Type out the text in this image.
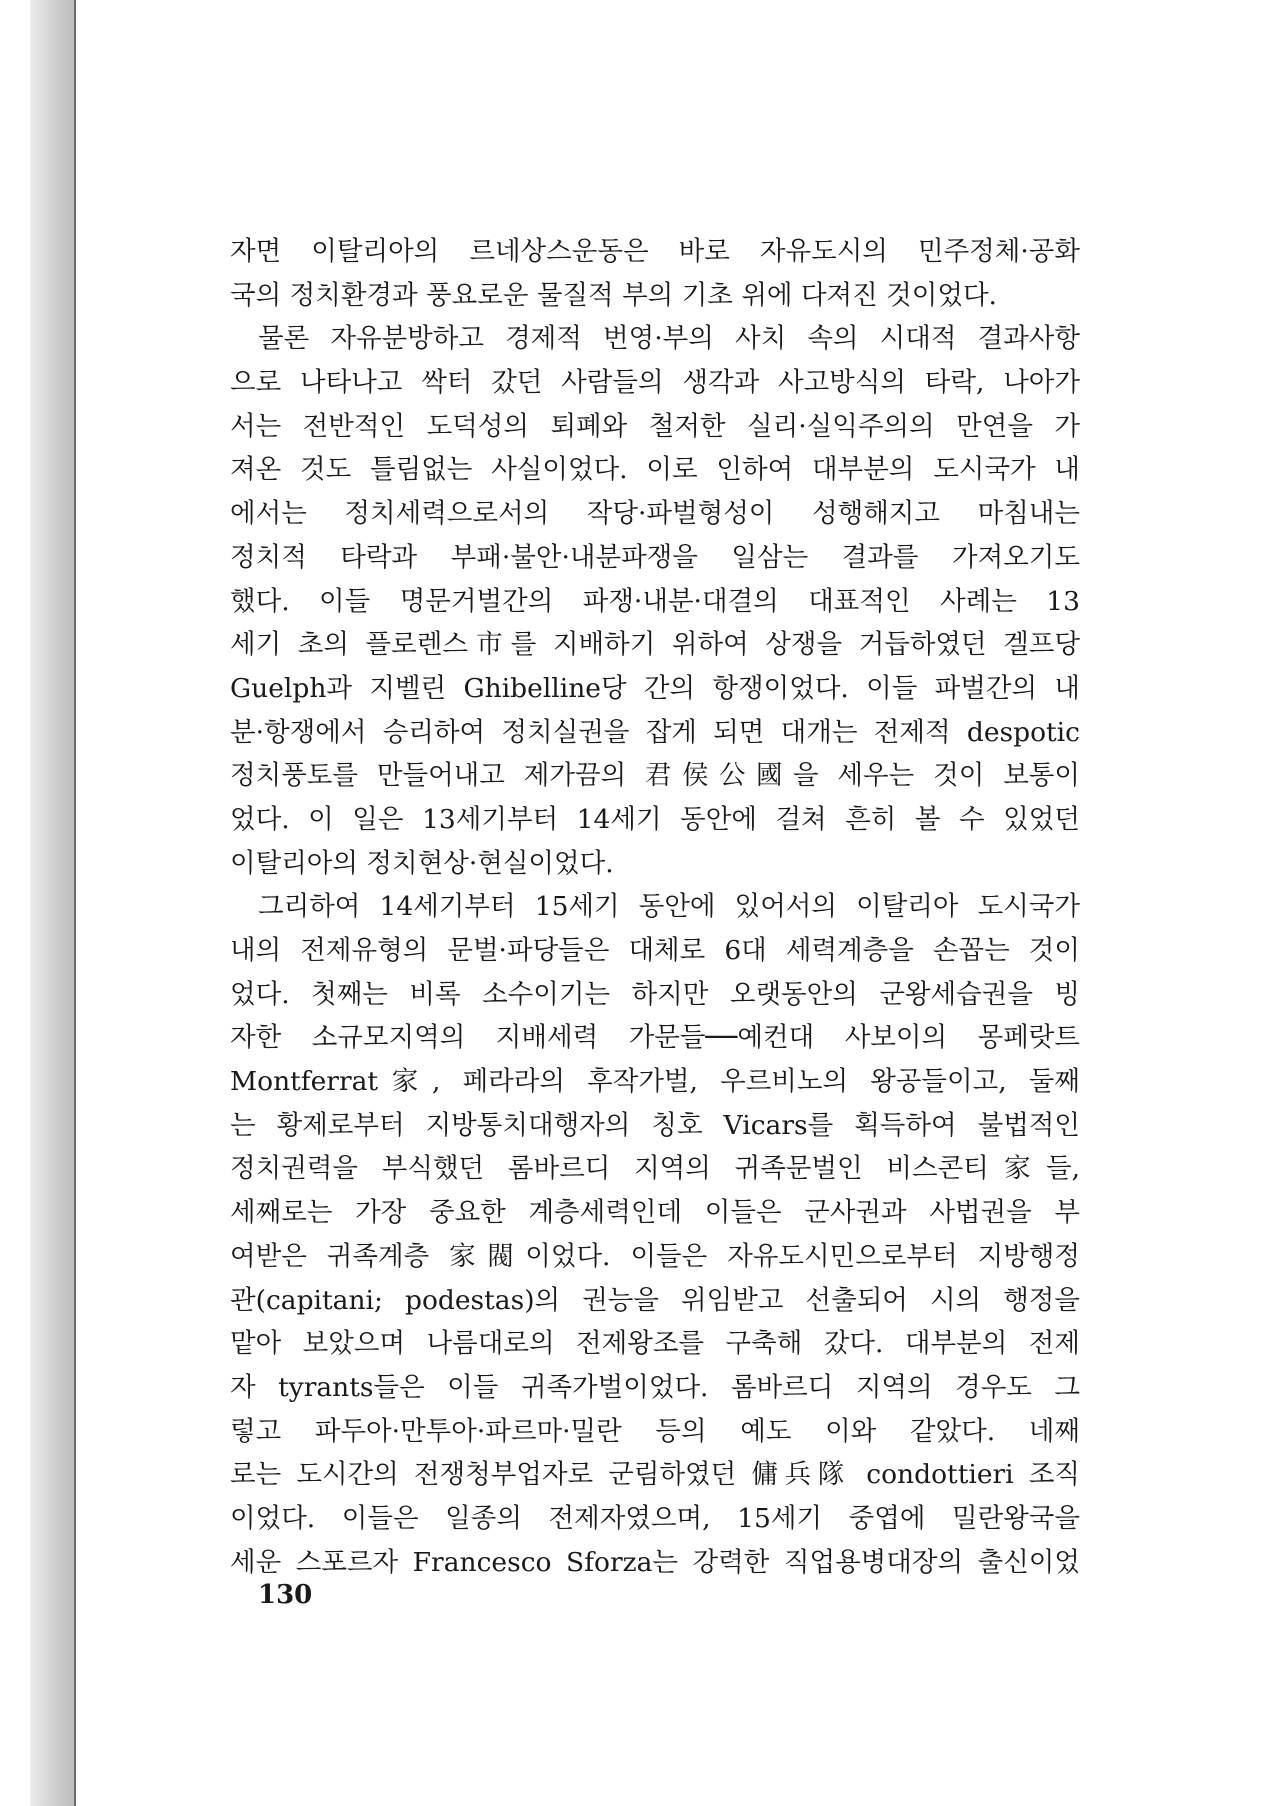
자면 이탈리아의 르네상스운동은 바로 자유도시의 민주정체·공화
국의 정치환경과 풍요로운 물질적 부의 기초 위에 다져진 것이었다.
물론 자유분방하고 경제적 번영·부의 사치 속의 시대적 결과사항
으로 나타나고 싹터 갔던 사람들의 생각과 사고방식의 타락, 나아가
서는 전반적인 도덕성의 퇴폐와 철저한 실리·실익주의의 만연을 가
져온 것도 틀림없는 사실이었다. 이로 인하여 대부분의 도시국가 내
에서는 정치세력으로서의 작당·파벌형성이 성행해지고 마침내는
정치적 타락과 부패·불안·내분파쟁을 일삼는 결과를 가져오기도
했다. 이들 명문거벌간의 파쟁·내분·대결의 대표적인 사례는 13
세기 초의 플로렌스市를 지배하기 위하여 상쟁을 거듭하였던 겔프당
Guelph과 지벨린 Ghibelline당 간의 항쟁이었다. 이들 파벌간의 내
분·항쟁에서 승리하여 정치실권을 잡게 되면 대개는 전제적 despotic
정치풍토를 만들어내고 제가끔의 君侯公國을 세우는 것이 보통이
었다. 이 일은 13세기부터 14세기 동안에 걸쳐 흔히 볼 수 있었던
이탈리아의 정치현상·현실이었다.
그리하여 14세기부터 15세기 동안에 있어서의 이탈리아 도시국가
내의 전제유형의 문벌·파당들은 대체로 6대 세력계층을 손꼽는 것이
었다. 첫째는 비록 소수이기는 하지만 오랫동안의 군왕세습권을 빙
자한 소규모지역의 지배세력 가문들──예컨대 사보이의 몽페랏트
Montferrat家, 페라라의 후작가벌, 우르비노의 왕공들이고, 둘째
는 황제로부터 지방통치대행자의 칭호 Vicars를 획득하여 불법적인
정치권력을 부식했던 롬바르디 지역의 귀족문벌인 비스콘티家들,
세째로는 가장 중요한 계층세력인데 이들은 군사권과 사법권을 부
여받은 귀족계층 家閥이었다. 이들은 자유도시민으로부터 지방행정
관(capitani; podestas)의 권능을 위임받고 선출되어 시의 행정을
맡아 보았으며 나름대로의 전제왕조를 구축해 갔다. 대부분의 전제
자 tyrants들은 이들 귀족가벌이었다. 롬바르디 지역의 경우도 그
렇고 파두아·만투아·파르마·밀란 등의 예도 이와 같았다. 네째
로는 도시간의 전쟁청부업자로 군림하였던 傭兵隊 condottieri 조직
이었다. 이들은 일종의 전제자였으며, 15세기 중엽에 밀란왕국을
세운 스포르자 Francesco Sforza는 강력한 직업용병대장의 출신이었
130
